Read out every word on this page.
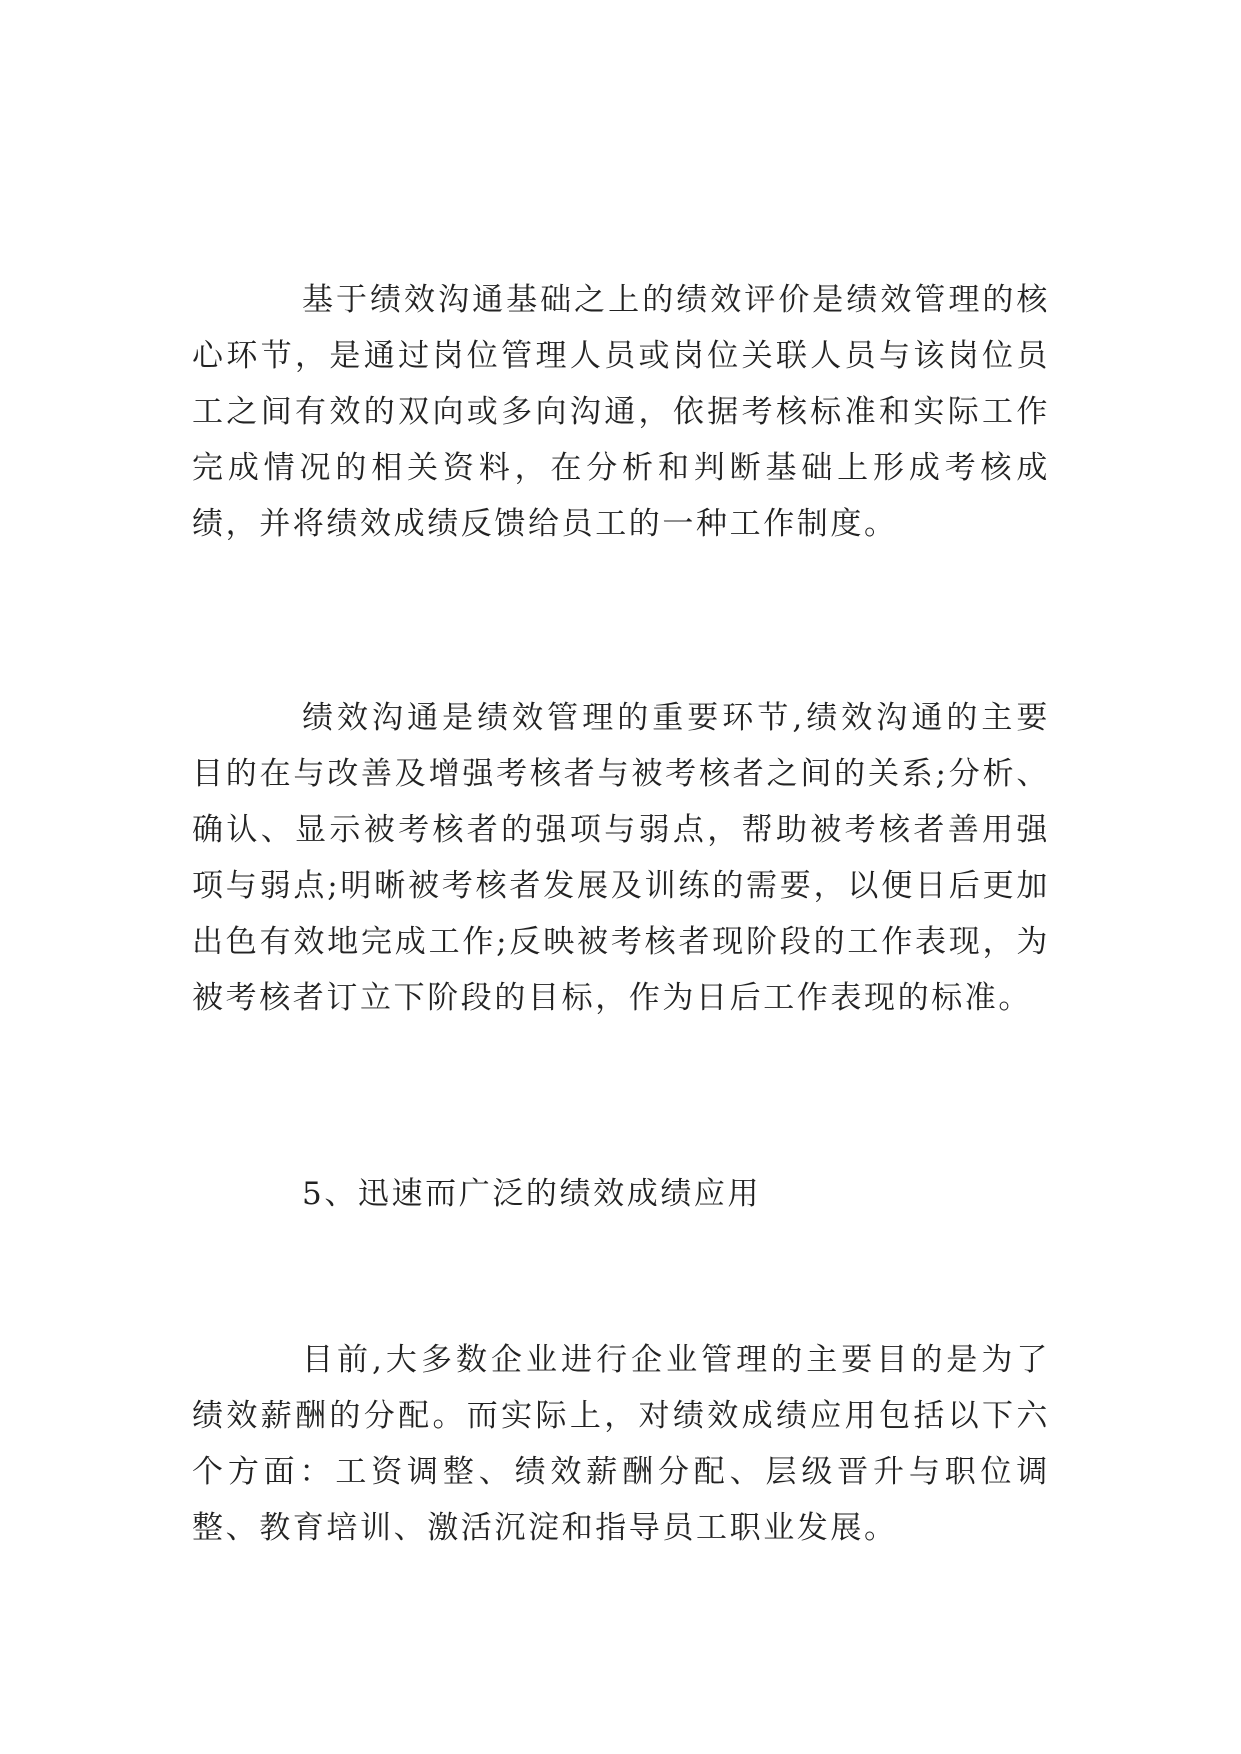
基于绩效沟通基础之上的绩效评价是绩效管理的核心环节，是通过岗位管理人员或岗位关联人员与该岗位员工之间有效的双向或多向沟通，依据考核标准和实际工作完成情况的相关资料，在分析和判断基础上形成考核成绩，并将绩效成绩反馈给员工的一种工作制度。

绩效沟通是绩效管理的重要环节,绩效沟通的主要目的在与改善及增强考核者与被考核者之间的关系;分析、确认、显示被考核者的强项与弱点，帮助被考核者善用强项与弱点;明晰被考核者发展及训练的需要，以便日后更加出色有效地完成工作;反映被考核者现阶段的工作表现，为被考核者订立下阶段的目标，作为日后工作表现的标准。

5、迅速而广泛的绩效成绩应用

目前,大多数企业进行企业管理的主要目的是为了绩效薪酬的分配。而实际上，对绩效成绩应用包括以下六个方面：工资调整、绩效薪酬分配、层级晋升与职位调整、教育培训、激活沉淀和指导员工职业发展。
